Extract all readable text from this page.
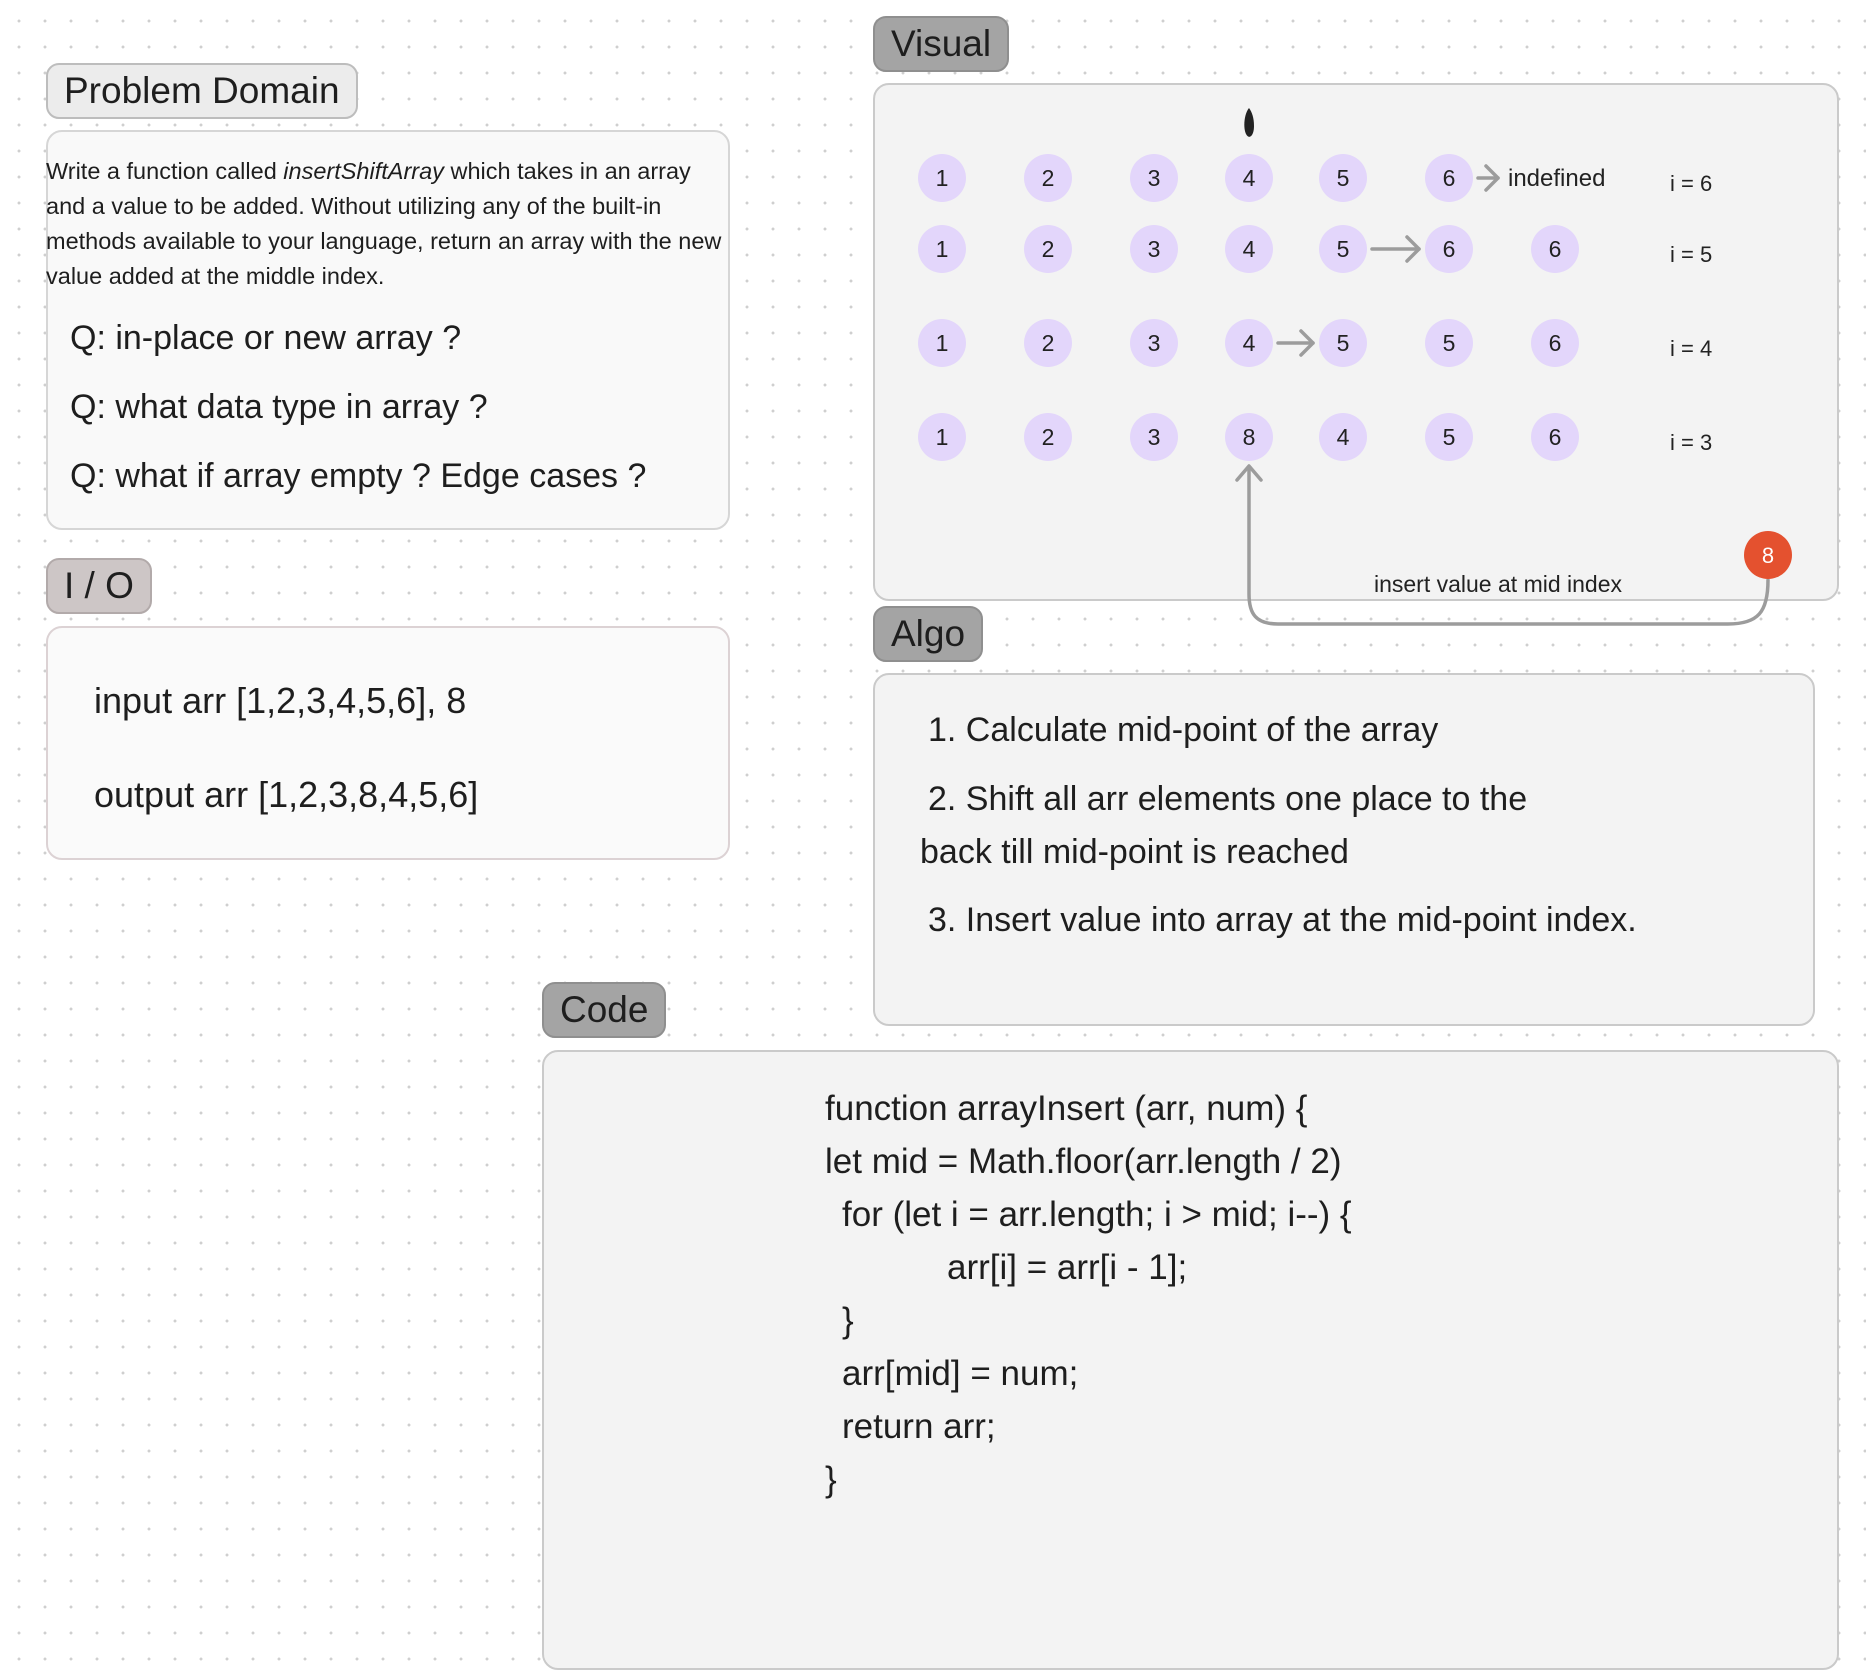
Problem Domain
Write a function called insertShiftArray which takes in an array and a value to be added. Without utilizing any of the built-in methods available to your language, return an array with the new value added at the middle index.
Q: in-place or new array ?
Q: what data type in array ?
Q: what if array empty ? Edge cases ?
I / O
input arr [1,2,3,4,5,6], 8
output arr [1,2,3,8,4,5,6]
Visual
Algo
1. Calculate mid-point of the array
2. Shift all arr elements one place to the
back till mid-point is reached
3. Insert value into array at the mid-point index.
Code
function arrayInsert (arr, num) {
let mid = Math.floor(arr.length / 2)
for (let i = arr.length; i > mid; i--) {
arr[i] = arr[i - 1];
}
arr[mid] = num;
return arr;
}
1	2	3	4	5	6 indefined	i = 6
1	2	3	4	5	6	6	i = 5
1	2	3	4	5	5	6	i = 4
1	2	3	8	4	5	6	i = 3
insert value at mid index
8
